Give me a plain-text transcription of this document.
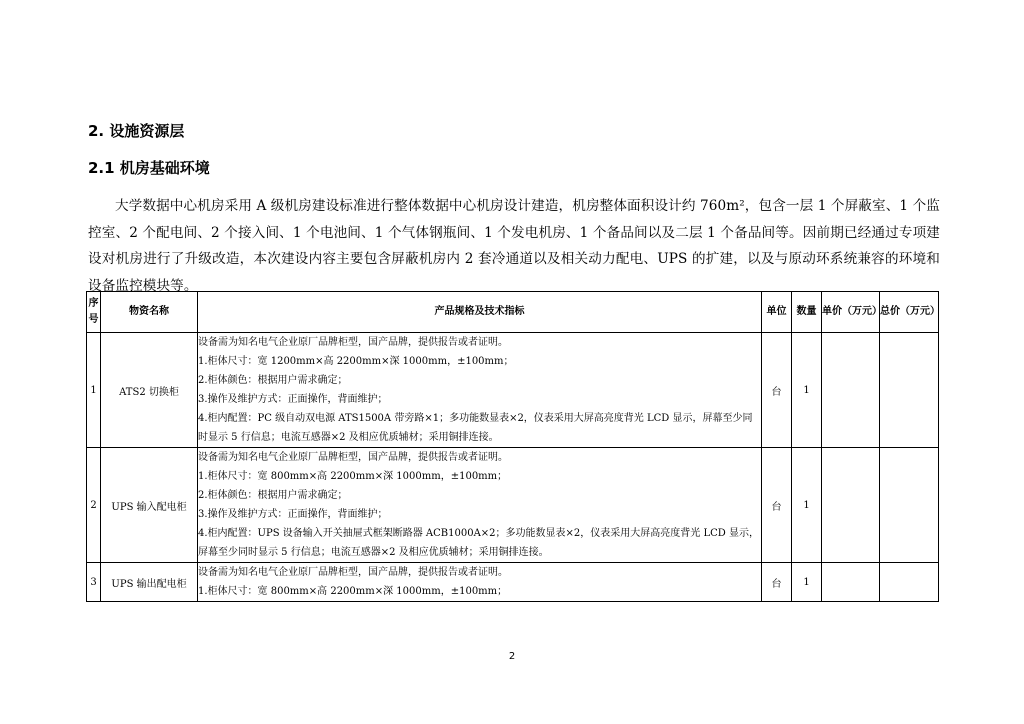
2. 设施资源层
2.1 机房基础环境

大学数据中心机房采用 A 级机房建设标准进行整体数据中心机房设计建造，机房整体面积设计约 760m²，包含一层 1 个屏蔽室、1 个监控室、2 个配电间、2 个接入间、1 个电池间、1 个气体钢瓶间、1 个发电机房、1 个备品间以及二层 1 个备品间等。因前期已经通过专项建设对机房进行了升级改造，本次建设内容主要包含屏蔽机房内 2 套冷通道以及相关动力配电、UPS 的扩建，以及与原动环系统兼容的环境和设备监控模块等。

序号	物资名称	产品规格及技术指标	单位	数量	单价（万元）	总价（万元）
1	ATS2 切换柜	设备需为知名电气企业原厂品牌柜型，国产品牌，提供报告或者证明。
1.柜体尺寸：宽 1200mm×高 2200mm×深 1000mm，±100mm；
2.柜体颜色：根据用户需求确定；
3.操作及维护方式：正面操作，背面维护；
4.柜内配置：PC 级自动双电源 ATS1500A 带旁路×1；多功能数显表×2，仪表采用大屏高亮度背光 LCD 显示，屏幕至少同时显示 5 行信息；电流互感器×2 及相应优质辅材；采用铜排连接。	台	1		
2	UPS 输入配电柜	设备需为知名电气企业原厂品牌柜型，国产品牌，提供报告或者证明。
1.柜体尺寸：宽 800mm×高 2200mm×深 1000mm，±100mm；
2.柜体颜色：根据用户需求确定；
3.操作及维护方式：正面操作，背面维护；
4.柜内配置：UPS 设备输入开关抽屉式框架断路器 ACB1000A×2；多功能数显表×2，仪表采用大屏高亮度背光 LCD 显示，屏幕至少同时显示 5 行信息；电流互感器×2 及相应优质辅材；采用铜排连接。	台	1		
3	UPS 输出配电柜	设备需为知名电气企业原厂品牌柜型，国产品牌，提供报告或者证明。
1.柜体尺寸：宽 800mm×高 2200mm×深 1000mm，±100mm；	台	1		
2
